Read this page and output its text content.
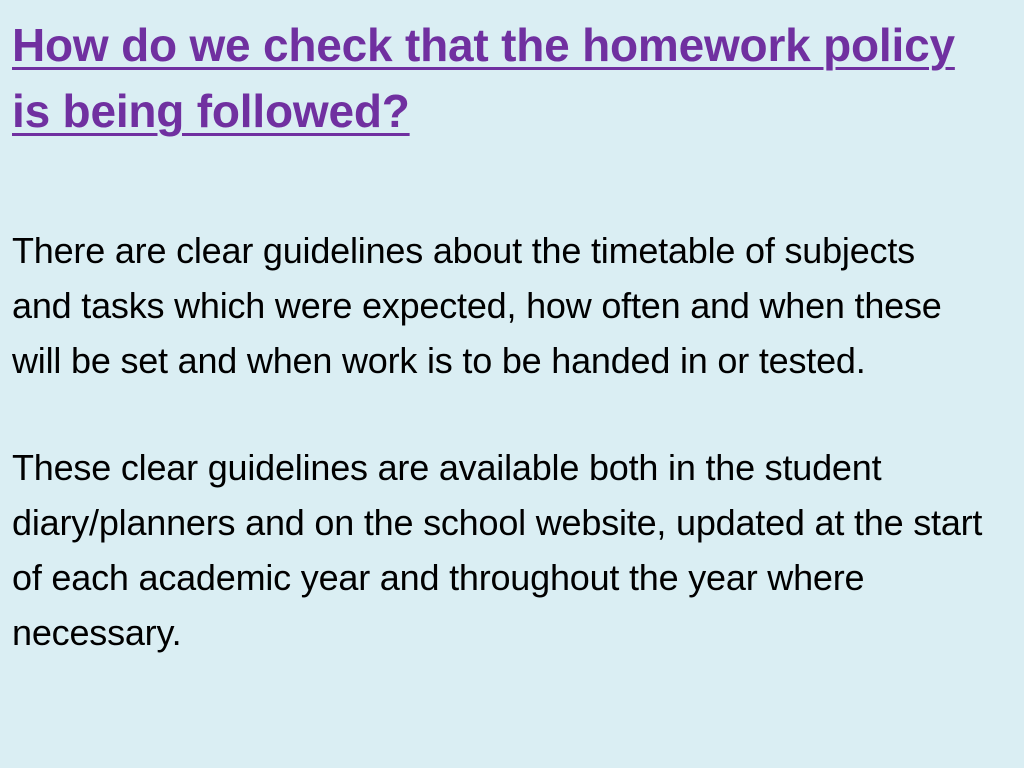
How do we check that the homework policy is being followed?

There are clear guidelines about the timetable of subjects and tasks which were expected, how often and when these will be set and when work is to be handed in or tested.

These clear guidelines are available both in the student diary/planners and on the school website, updated at the start of each academic year and throughout the year where necessary.
